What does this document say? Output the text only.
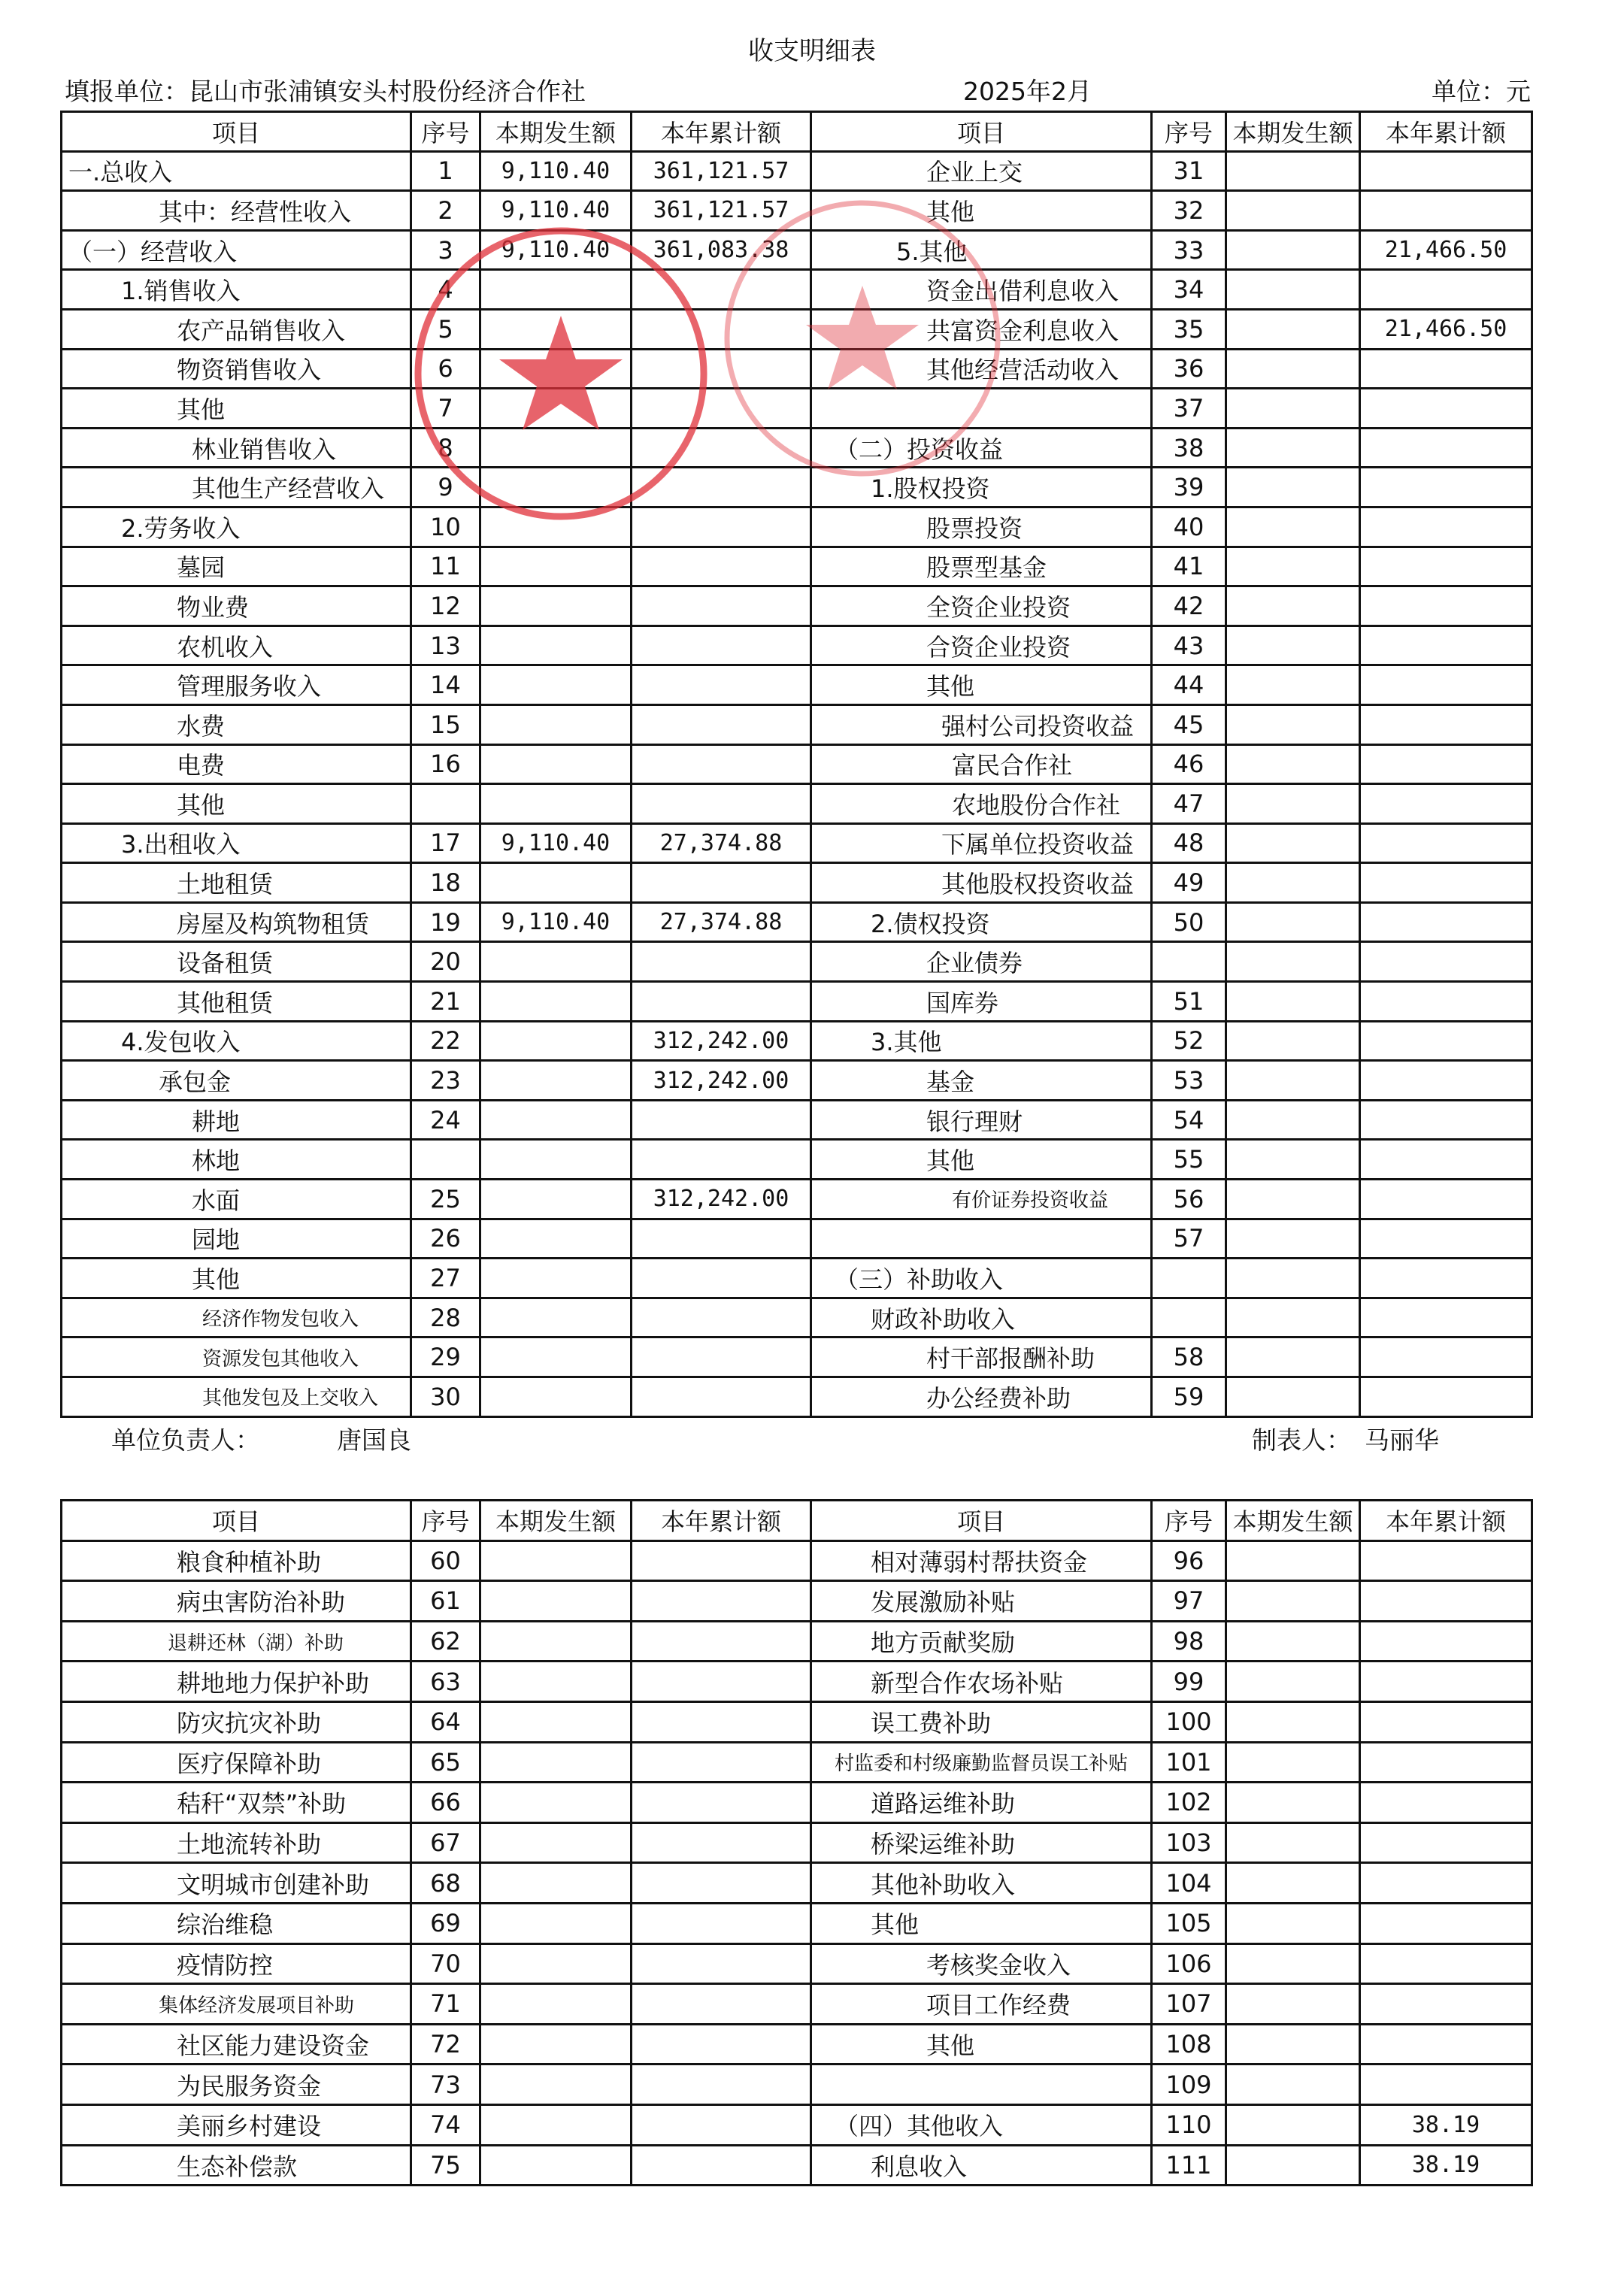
收支明细表
填报单位：昆山市张浦镇安头村股份经济合作社	2025年2月	单位：元
项目	序号	本期发生额	本年累计额	项目	序号	本期发生额	本年累计额
一.总收入	1	9,110.40	361,121.57	企业上交	31		
其中：经营性收入	2	9,110.40	361,121.57	其他	32		
（一）经营收入	3	9,110.40	361,083.38	5.其他	33		21,466.50
1.销售收入	4			资金出借利息收入	34		
农产品销售收入	5			共富资金利息收入	35		21,466.50
物资销售收入	6			其他经营活动收入	36		
其他	7				37		
林业销售收入	8			（二）投资收益	38		
其他生产经营收入	9			1.股权投资	39		
2.劳务收入	10			股票投资	40		
墓园	11			股票型基金	41		
物业费	12			全资企业投资	42		
农机收入	13			合资企业投资	43		
管理服务收入	14			其他	44		
水费	15			强村公司投资收益	45		
电费	16			富民合作社	46		
其他				农地股份合作社	47		
3.出租收入	17	9,110.40	27,374.88	下属单位投资收益	48		
土地租赁	18			其他股权投资收益	49		
房屋及构筑物租赁	19	9,110.40	27,374.88	2.债权投资	50		
设备租赁	20			企业债券			
其他租赁	21			国库券	51		
4.发包收入	22		312,242.00	3.其他	52		
承包金	23		312,242.00	基金	53		
耕地	24			银行理财	54		
林地				其他	55		
水面	25		312,242.00	有价证券投资收益	56		
园地	26				57		
其他	27			（三）补助收入			
经济作物发包收入	28			财政补助收入			
资源发包其他收入	29			村干部报酬补助	58		
其他发包及上交收入	30			办公经费补助	59		
单位负责人：	唐国良	制表人： 马丽华
项目	序号	本期发生额	本年累计额	项目	序号	本期发生额	本年累计额
粮食种植补助	60			相对薄弱村帮扶资金	96		
病虫害防治补助	61			发展激励补贴	97		
退耕还林（湖）补助	62			地方贡献奖励	98		
耕地地力保护补助	63			新型合作农场补贴	99		
防灾抗灾补助	64			误工费补助	100		
医疗保障补助	65			村监委和村级廉勤监督员误工补贴	101		
秸秆“双禁”补助	66			道路运维补助	102		
土地流转补助	67			桥梁运维补助	103		
文明城市创建补助	68			其他补助收入	104		
综治维稳	69			其他	105		
疫情防控	70			考核奖金收入	106		
集体经济发展项目补助	71			项目工作经费	107		
社区能力建设资金	72			其他	108		
为民服务资金	73				109		
美丽乡村建设	74			（四）其他收入	110		38.19
生态补偿款	75			利息收入	111		38.19
